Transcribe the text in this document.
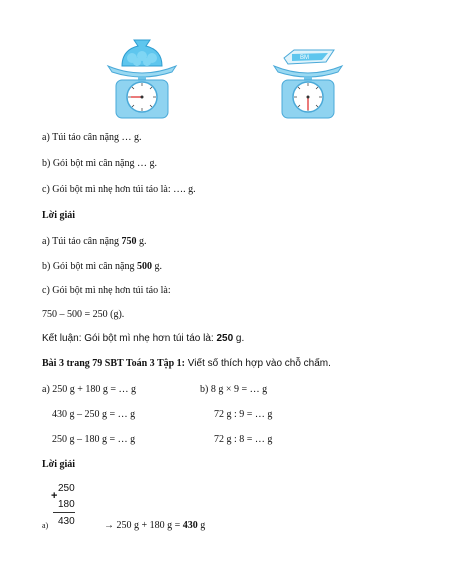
BM
a) Túi táo cân nặng … g.
b) Gói bột mì cân nặng … g.
c) Gói bột mì nhẹ hơn túi táo là: …. g.
Lời giải
a) Túi táo cân nặng 750 g.
b) Gói bột mì cân nặng 500 g.
c) Gói bột mì nhẹ hơn túi táo là:
750 – 500 = 250 (g).
Kết luận: Gói bột mì nhẹ hơn túi táo là: 250 g.
Bài 3 trang 79 SBT Toán 3 Tập 1: Viết số thích hợp vào chỗ chấm.
a) 250 g + 180 g = … g	b) 8 g × 9 = … g
430 g – 250 g = … g	72 g : 9 = … g
250 g – 180 g = … g	72 g : 8 = … g
Lời giải
+
250
180
430
a)	→ 250 g + 180 g = 430 g
